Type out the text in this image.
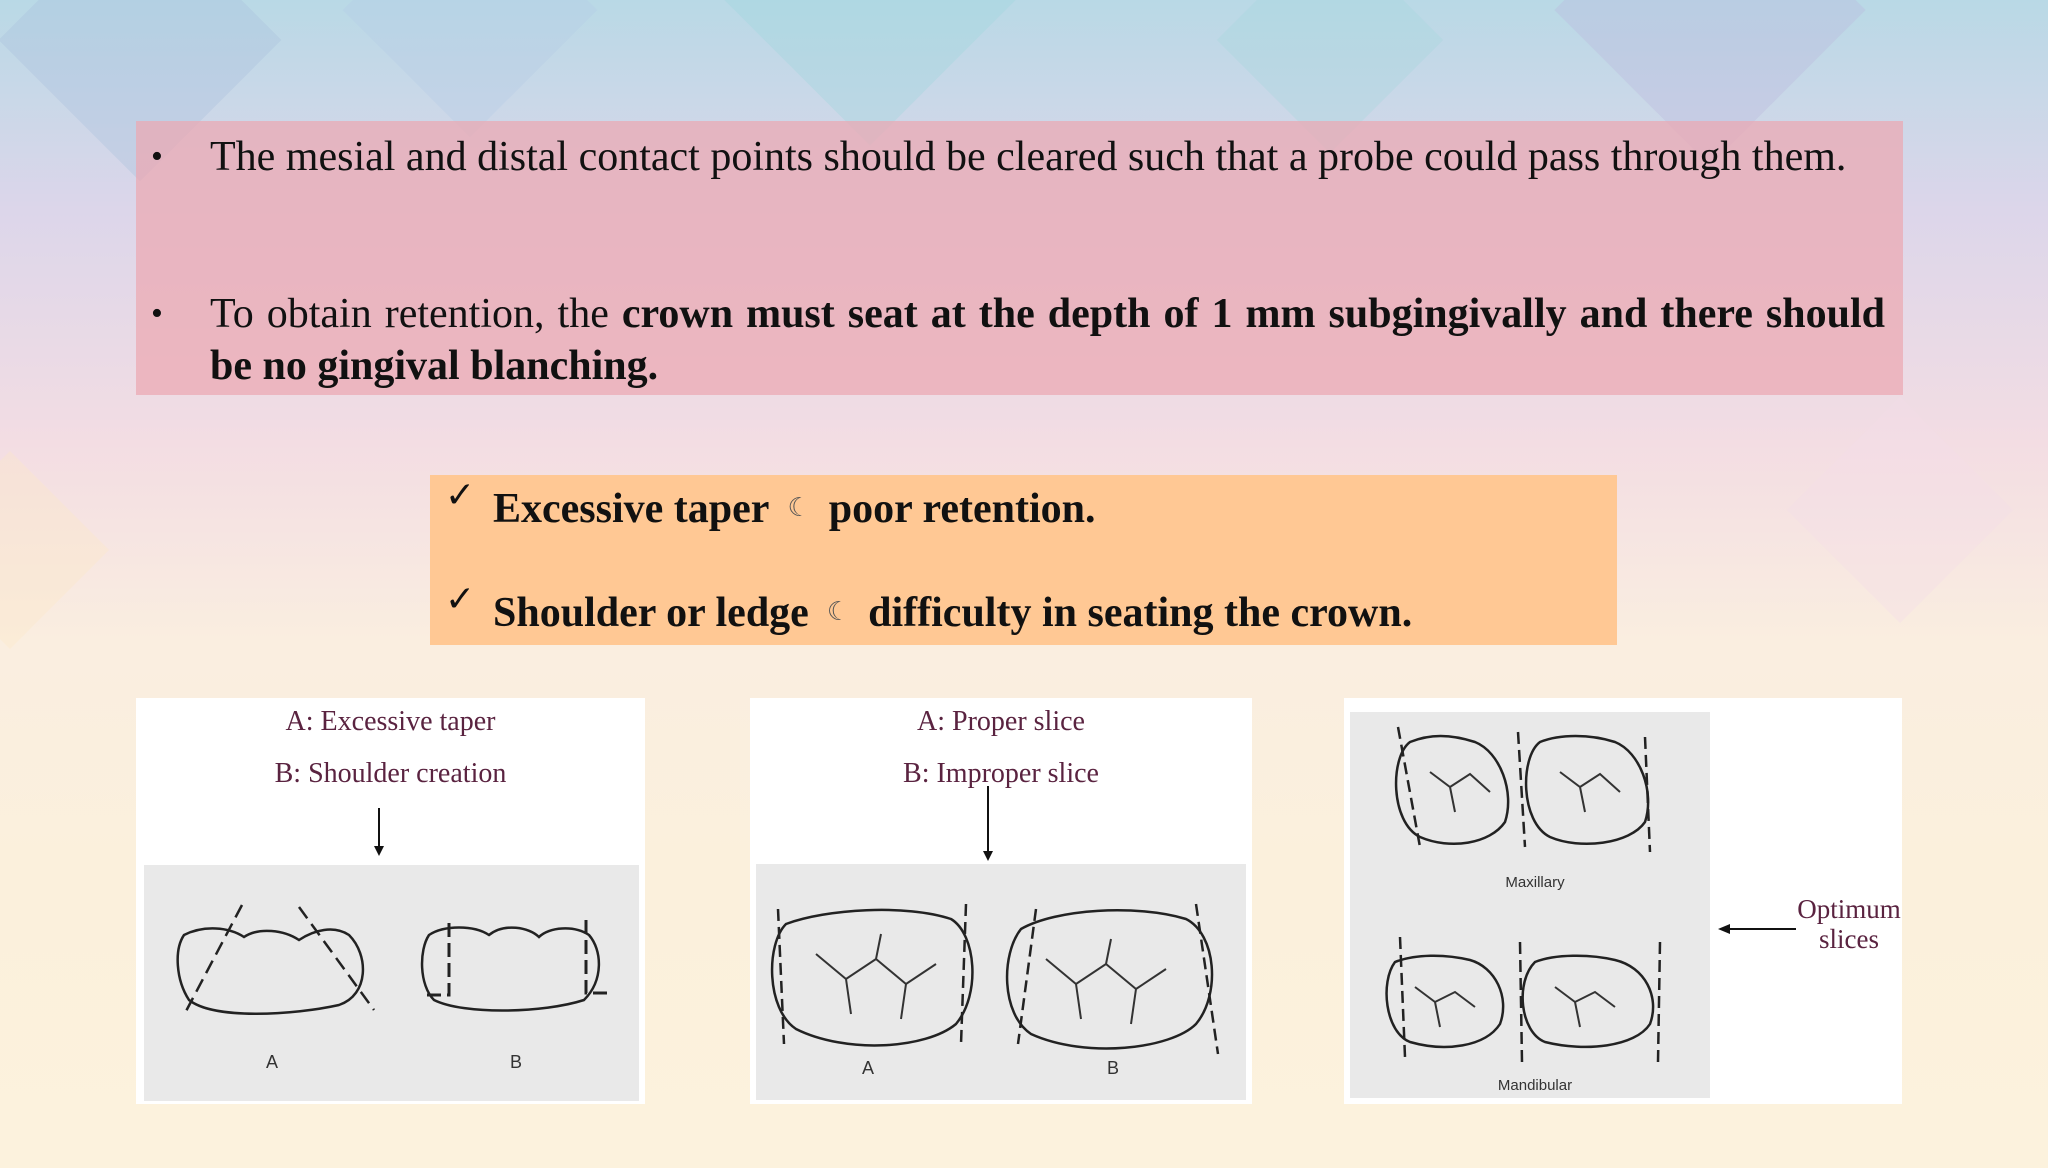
• The mesial and distal contact points should be cleared such that a probe could pass through them.
• To obtain retention, the crown must seat at the depth of 1 mm subgingivally and there should be no gingival blanching.
✓ Excessive taper ☾ poor retention.
✓ Shoulder or ledge ☾ difficulty in seating the crown.
A: Excessive taper
B: Shoulder creation
A	B
A: Proper slice
B: Improper slice
A	B
Maxillary
Mandibular
Optimum slices
